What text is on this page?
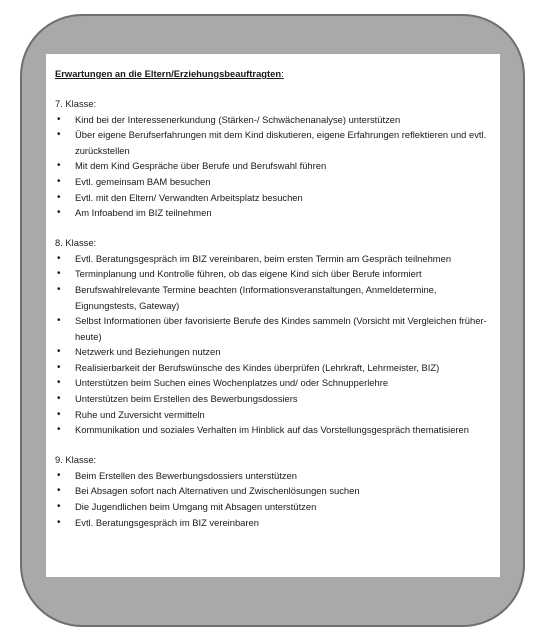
Erwartungen an die Eltern/Erziehungsbeauftragten:

7. Klasse:

• Kind bei der Interessenerkundung (Stärken-/ Schwächenanalyse) unterstützen
• Über eigene Berufserfahrungen mit dem Kind diskutieren, eigene Erfahrungen reflektieren und evtl. zurückstellen
• Mit dem Kind Gespräche über Berufe und Berufswahl führen
• Evtl. gemeinsam BAM besuchen
• Evtl. mit den Eltern/ Verwandten Arbeitsplatz besuchen
• Am Infoabend im BIZ teilnehmen

8. Klasse:

• Evtl. Beratungsgespräch im BIZ vereinbaren, beim ersten Termin am Gespräch teilnehmen
• Terminplanung und Kontrolle führen, ob das eigene Kind sich über Berufe informiert
• Berufswahlrelevante Termine beachten (Informationsveranstaltungen, Anmeldetermine, Eignungstests, Gateway)
• Selbst Informationen über favorisierte Berufe des Kindes sammeln (Vorsicht mit Vergleichen früher-heute)
• Netzwerk und Beziehungen nutzen
• Realisierbarkeit der Berufswünsche des Kindes überprüfen (Lehrkraft, Lehrmeister, BIZ)
• Unterstützen beim Suchen eines Wochenplatzes und/ oder Schnupperlehre
• Unterstützen beim Erstellen des Bewerbungsdossiers
• Ruhe und Zuversicht vermitteln
• Kommunikation und soziales Verhalten im Hinblick auf das Vorstellungsgespräch thematisieren

9. Klasse:

• Beim Erstellen des Bewerbungsdossiers unterstützen
• Bei Absagen sofort nach Alternativen und Zwischenlösungen suchen
• Die Jugendlichen beim Umgang mit Absagen unterstützen
• Evtl. Beratungsgespräch im BIZ vereinbaren
